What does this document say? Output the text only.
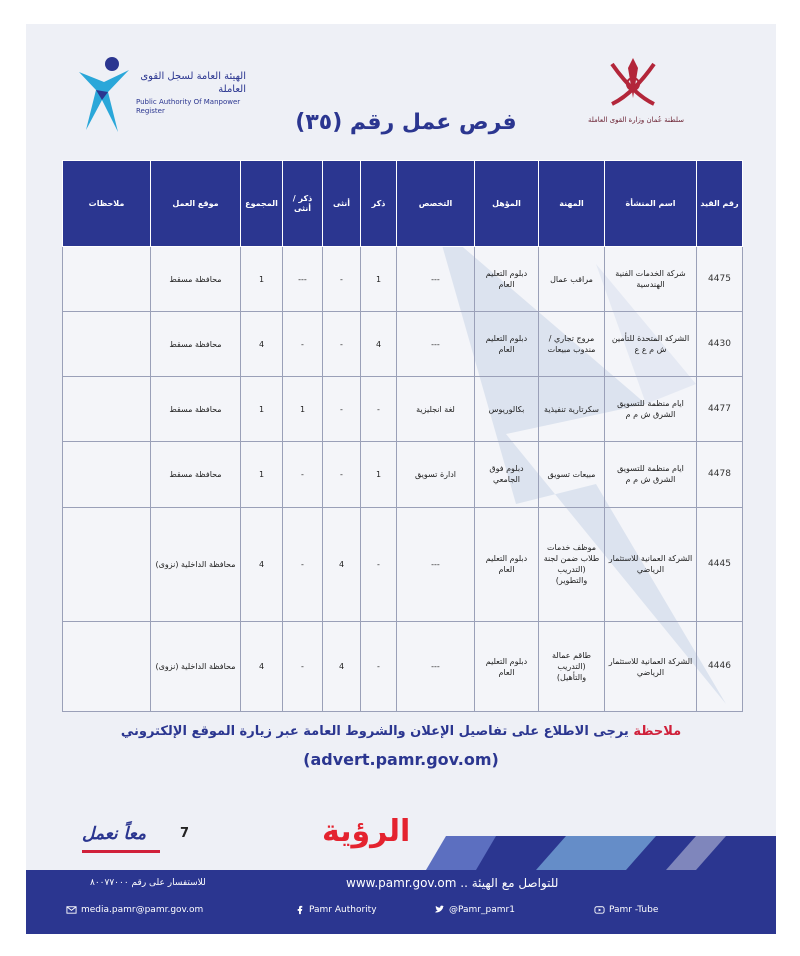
الهيئة العامة لسجل القوى العاملة
Public Authority Of Manpower Register
سلطنة عُمان وزارة القوى العاملة
فرص عمل رقم (٣٥)
رقم القيد	اسم المنشأة	المهنة	المؤهل	التخصص	ذكر	أنثى	ذكر / أنثى	المجموع	موقع العمل	ملاحظات
4475	شركة الخدمات الفنية الهندسية	مراقب عمال	دبلوم التعليم العام	---	1	-	---	1	محافظة مسقط	
4430	الشركة المتحدة للتأمين ش م ع ع	مروج تجاري / مندوب مبيعات	دبلوم التعليم العام	---	4	-	-	4	محافظة مسقط	
4477	ايام منظمة للتسويق الشرق ش م م	سكرتارية تنفيذية	بكالوريوس	لغة انجليزية	-	-	1	1	محافظة مسقط	
4478	ايام منظمة للتسويق الشرق ش م م	مبيعات تسويق	دبلوم فوق الجامعي	ادارة تسويق	1	-	-	1	محافظة مسقط	
4445	الشركة العمانية للاستثمار الرياضي	موظف خدمات طلاب ضمن لجنة (التدريب والتطوير)	دبلوم التعليم العام	---	-	4	-	4	محافظة الداخلية (نزوى)	
4446	الشركة العمانية للاستثمار الرياضي	طاقم عمالة (التدريب والتأهيل)	دبلوم التعليم العام	---	-	4	-	4	محافظة الداخلية (نزوى)	
ملاحظة يرجى الاطلاع على تفاصيل الإعلان والشروط العامة عبر زيارة الموقع الإلكتروني
(advert.pamr.gov.om)
معاً نعمل	7	الرؤية
للاستفسار على رقم ٨٠٠٧٧٠٠٠	للتواصل مع الهيئة .. www.pamr.gov.om
media.pamr@pamr.gov.om	Pamr Authority	@Pamr_pamr1	Pamr -Tube
